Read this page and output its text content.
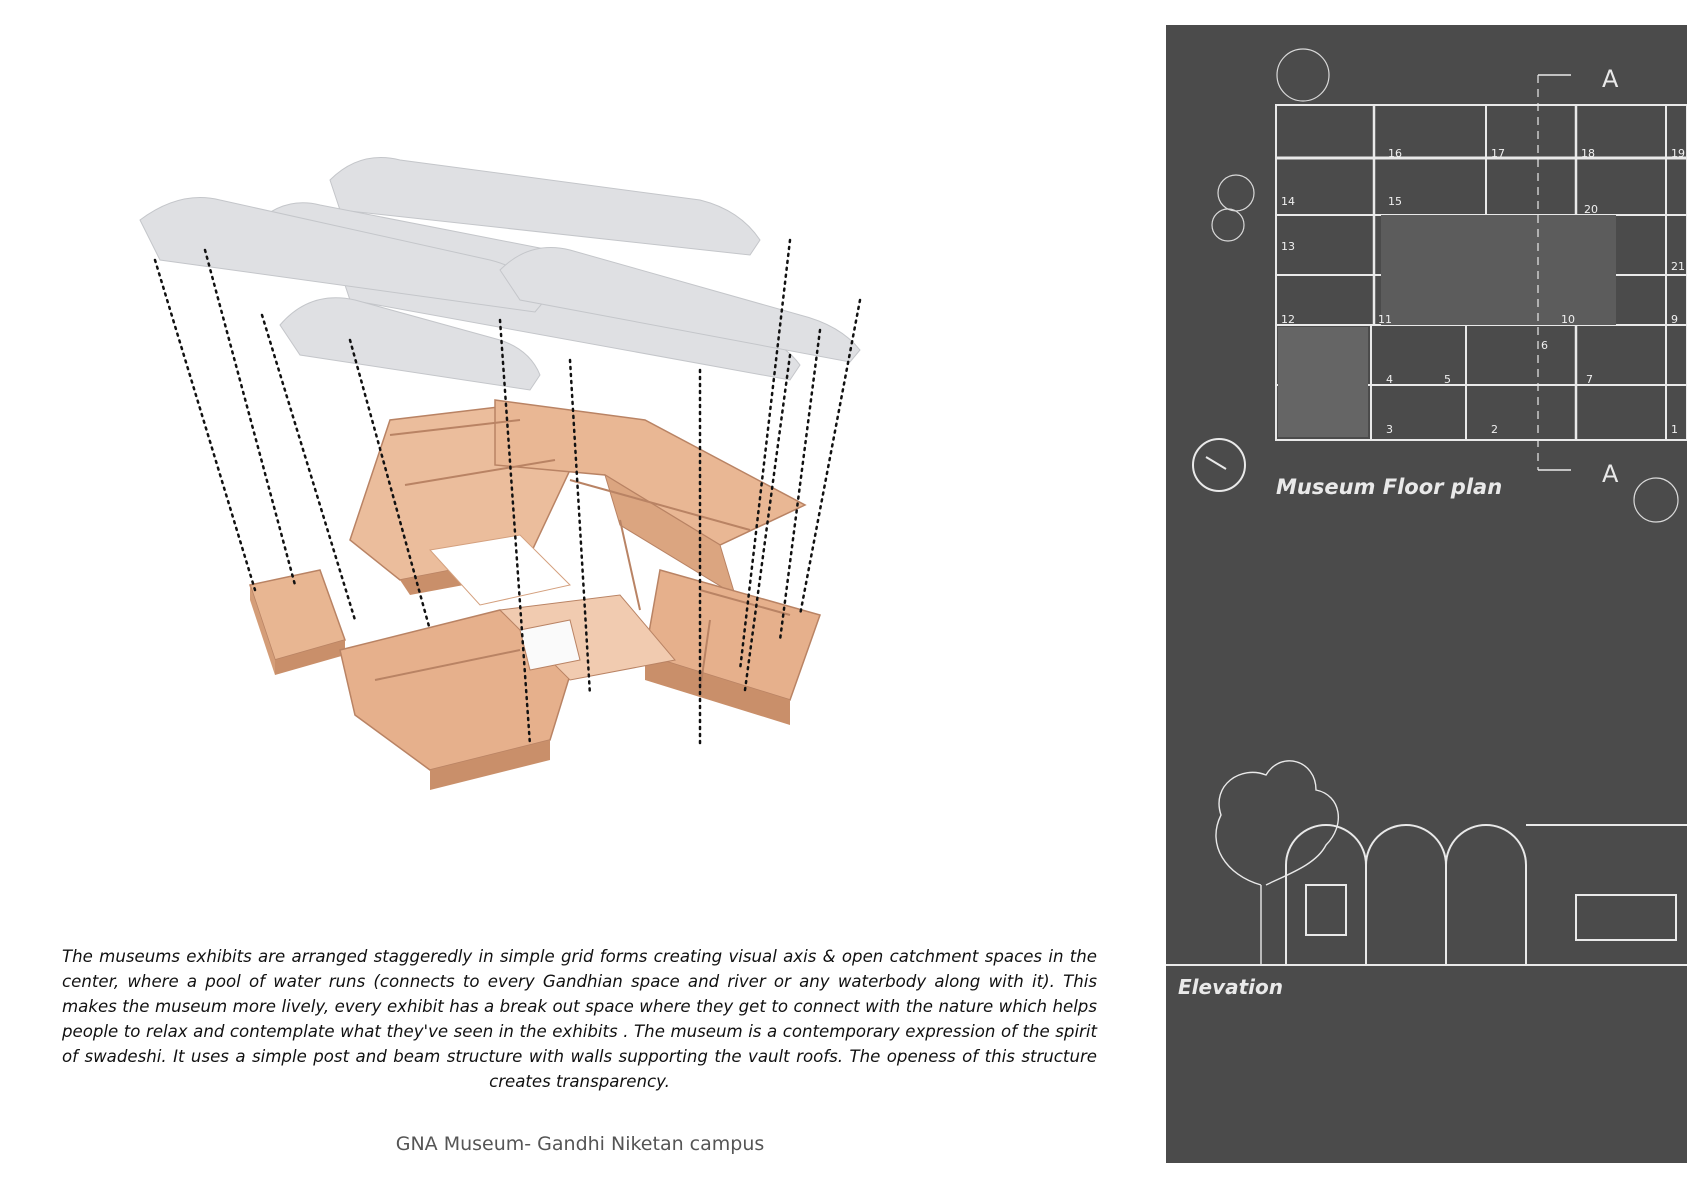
The museums exhibits are arranged staggeredly in simple grid forms creating visual axis & open catchment spaces in the center, where a pool of water runs (connects to every Gandhian space and river or any waterbody along with it). This makes the museum more lively, every exhibit has a break out space where they get to connect with the nature which helps people to relax and contemplate what they've seen in the exhibits . The museum is a contemporary expression of the spirit of swadeshi. It uses a simple post and beam structure with walls supporting the vault roofs. The openess of this structure creates transparency.

GNA Museum- Gandhi Niketan campus

A

A

16	17	18	19
14	15
20
13
21
12	11	10	9
6
4	5	7
3	2	1

Museum Floor plan

Elevation
